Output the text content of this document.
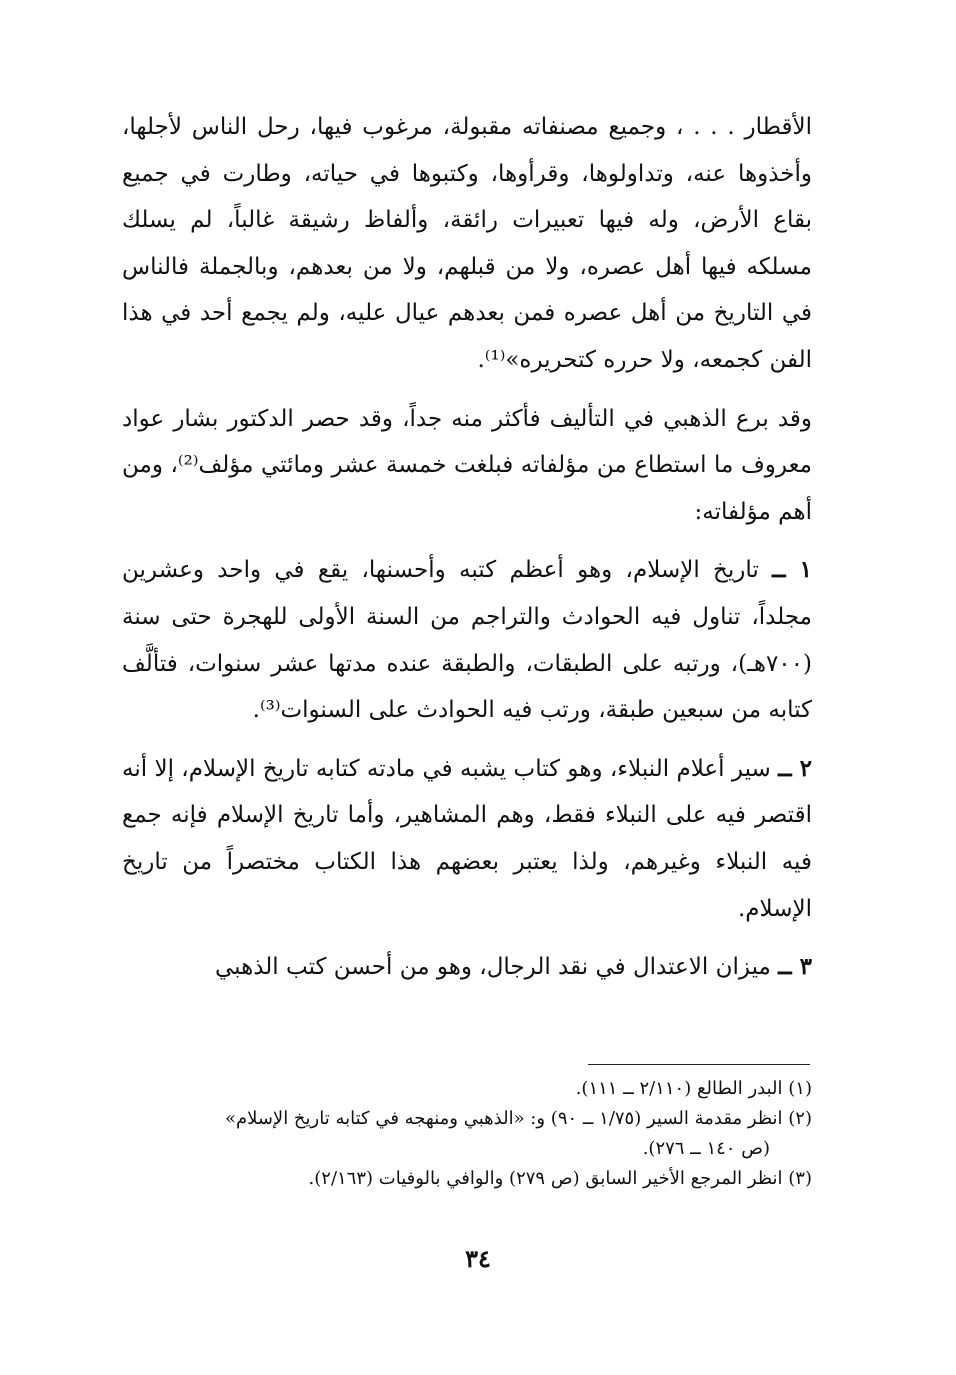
الأقطار . . . ، وجميع مصنفاته مقبولة، مرغوب فيها، رحل الناس لأجلها، وأخذوها عنه، وتداولوها، وقرأوها، وكتبوها في حياته، وطارت في جميع بقاع الأرض، وله فيها تعبيرات رائقة، وألفاظ رشيقة غالباً، لم يسلك مسلكه فيها أهل عصره، ولا من قبلهم، ولا من بعدهم، وبالجملة فالناس في التاريخ من أهل عصره فمن بعدهم عيال عليه، ولم يجمع أحد في هذا الفن كجمعه، ولا حرره كتحريره»⁽¹⁾.

وقد برع الذهبي في التأليف فأكثر منه جداً، وقد حصر الدكتور بشار عواد معروف ما استطاع من مؤلفاته فبلغت خمسة عشر ومائتي مؤلف⁽²⁾، ومن أهم مؤلفاته:

١ ــ تاريخ الإسلام، وهو أعظم كتبه وأحسنها، يقع في واحد وعشرين مجلداً، تناول فيه الحوادث والتراجم من السنة الأولى للهجرة حتى سنة (٧٠٠هـ)، ورتبه على الطبقات، والطبقة عنده مدتها عشر سنوات، فتألَّف كتابه من سبعين طبقة، ورتب فيه الحوادث على السنوات⁽³⁾.

٢ ــ سير أعلام النبلاء، وهو كتاب يشبه في مادته كتابه تاريخ الإسلام، إلا أنه اقتصر فيه على النبلاء فقط، وهم المشاهير، وأما تاريخ الإسلام فإنه جمع فيه النبلاء وغيرهم، ولذا يعتبر بعضهم هذا الكتاب مختصراً من تاريخ الإسلام.

٣ ــ ميزان الاعتدال في نقد الرجال، وهو من أحسن كتب الذهبي

(١) البدر الطالع (٢/١١٠ ــ ١١١).

(٢) انظر مقدمة السير (١/٧٥ ــ ٩٠) و: «الذهبي ومنهجه في كتابه تاريخ الإسلام»

(ص ١٤٠ ــ ٢٧٦).

(٣) انظر المرجع الأخير السابق (ص ٢٧٩) والوافي بالوفيات (٢/١٦٣).

٣٤
